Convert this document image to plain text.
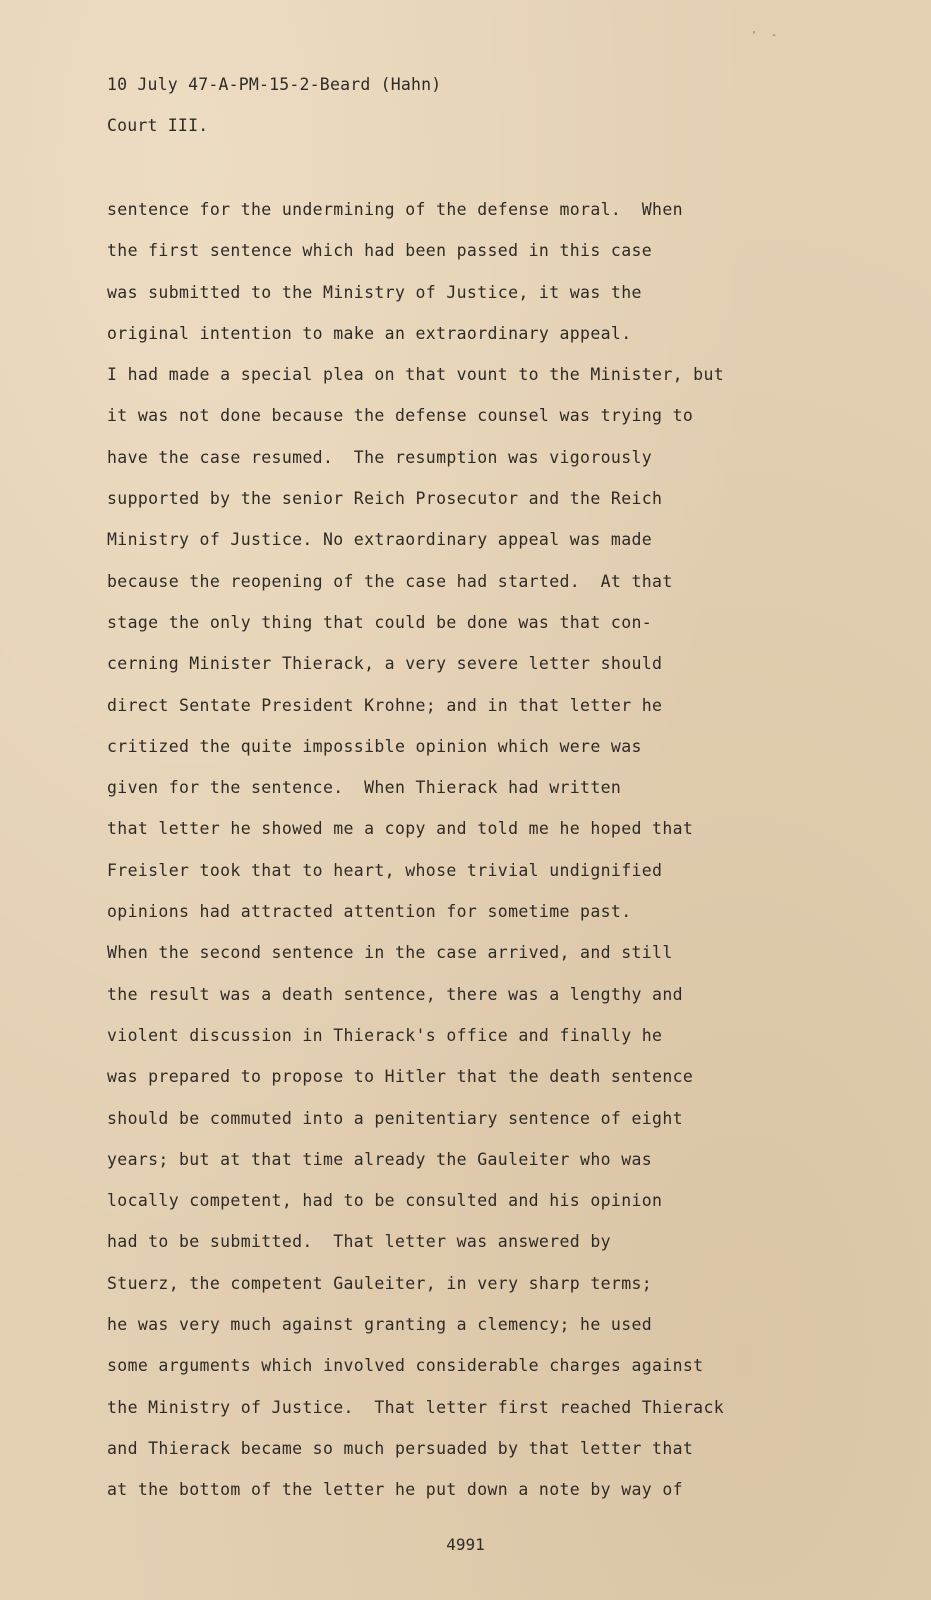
' -
10 July 47-A-PM-15-2-Beard (Hahn)
Court III.
sentence for the undermining of the defense moral.  When
the first sentence which had been passed in this case
was submitted to the Ministry of Justice, it was the
original intention to make an extraordinary appeal.
I had made a special plea on that vount to the Minister, but
it was not done because the defense counsel was trying to
have the case resumed.  The resumption was vigorously
supported by the senior Reich Prosecutor and the Reich
Ministry of Justice. No extraordinary appeal was made
because the reopening of the case had started.  At that
stage the only thing that could be done was that con-
cerning Minister Thierack, a very severe letter should
direct Sentate President Krohne; and in that letter he
critized the quite impossible opinion which were was
given for the sentence.  When Thierack had written
that letter he showed me a copy and told me he hoped that
Freisler took that to heart, whose trivial undignified
opinions had attracted attention for sometime past.
When the second sentence in the case arrived, and still
the result was a death sentence, there was a lengthy and
violent discussion in Thierack's office and finally he
was prepared to propose to Hitler that the death sentence
should be commuted into a penitentiary sentence of eight
years; but at that time already the Gauleiter who was
locally competent, had to be consulted and his opinion
had to be submitted.  That letter was answered by
Stuerz, the competent Gauleiter, in very sharp terms;
he was very much against granting a clemency; he used
some arguments which involved considerable charges against
the Ministry of Justice.  That letter first reached Thierack
and Thierack became so much persuaded by that letter that
at the bottom of the letter he put down a note by way of
4991
